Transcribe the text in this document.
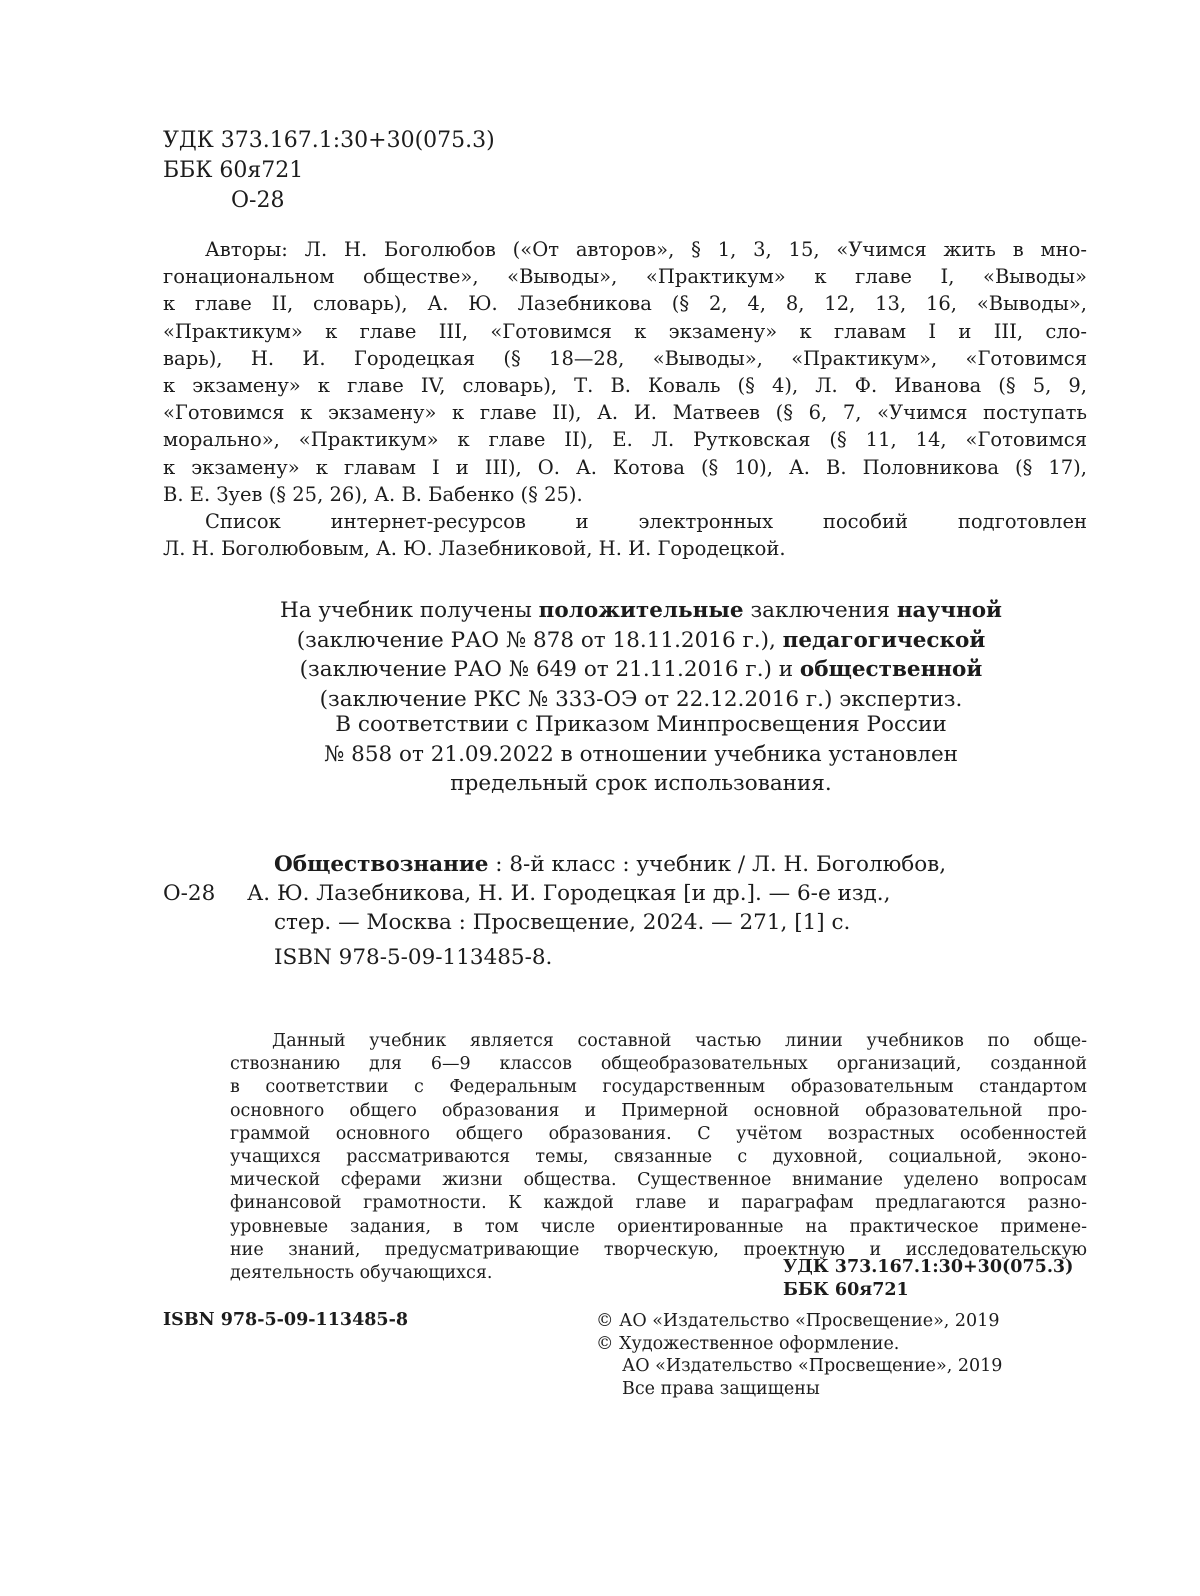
УДК 373.167.1:30+30(075.3)
ББК 60я721
О-28
Авторы: Л. Н. Боголюбов («От авторов», § 1, 3, 15, «Учимся жить в мно-
гонациональном обществе», «Выводы», «Практикум» к главе I, «Выводы»
к главе II, словарь), А. Ю. Лазебникова (§ 2, 4, 8, 12, 13, 16, «Выводы»,
«Практикум» к главе III, «Готовимся к экзамену» к главам I и III, сло-
варь), Н. И. Городецкая (§ 18—28, «Выводы», «Практикум», «Готовимся
к экзамену» к главе IV, словарь), Т. В. Коваль (§ 4), Л. Ф. Иванова (§ 5, 9,
«Готовимся к экзамену» к главе II), А. И. Матвеев (§ 6, 7, «Учимся поступать
морально», «Практикум» к главе II), Е. Л. Рутковская (§ 11, 14, «Готовимся
к экзамену» к главам I и III), О. А. Котова (§ 10), А. В. Половникова (§ 17),
В. Е. Зуев (§ 25, 26), А. В. Бабенко (§ 25).
Список интернет-ресурсов и электронных пособий подготовлен
Л. Н. Боголюбовым, А. Ю. Лазебниковой, Н. И. Городецкой.
На учебник получены положительные заключения научной
(заключение РАО № 878 от 18.11.2016 г.), педагогической
(заключение РАО № 649 от 21.11.2016 г.) и общественной
(заключение РКС № 333-ОЭ от 22.12.2016 г.) экспертиз.
В соответствии с Приказом Минпросвещения России
№ 858 от 21.09.2022 в отношении учебника установлен
предельный срок использования.
Обществознание : 8-й класс : учебник / Л. Н. Боголюбов,
О-28 А. Ю. Лазебникова, Н. И. Городецкая [и др.]. — 6-е изд.,
стер. — Москва : Просвещение, 2024. — 271, [1] с.
ISBN 978-5-09-113485-8.
Данный учебник является составной частью линии учебников по обще-
ствознанию для 6—9 классов общеобразовательных организаций, созданной
в соответствии с Федеральным государственным образовательным стандартом
основного общего образования и Примерной основной образовательной про-
граммой основного общего образования. С учётом возрастных особенностей
учащихся рассматриваются темы, связанные с духовной, социальной, эконо-
мической сферами жизни общества. Существенное внимание уделено вопросам
финансовой грамотности. К каждой главе и параграфам предлагаются разно-
уровневые задания, в том числе ориентированные на практическое примене-
ние знаний, предусматривающие творческую, проектную и исследовательскую
деятельность обучающихся.	УДК 373.167.1:30+30(075.3)
ББК 60я721
ISBN 978-5-09-113485-8	© АО «Издательство «Просвещение», 2019
© Художественное оформление.
АО «Издательство «Просвещение», 2019
Все права защищены
